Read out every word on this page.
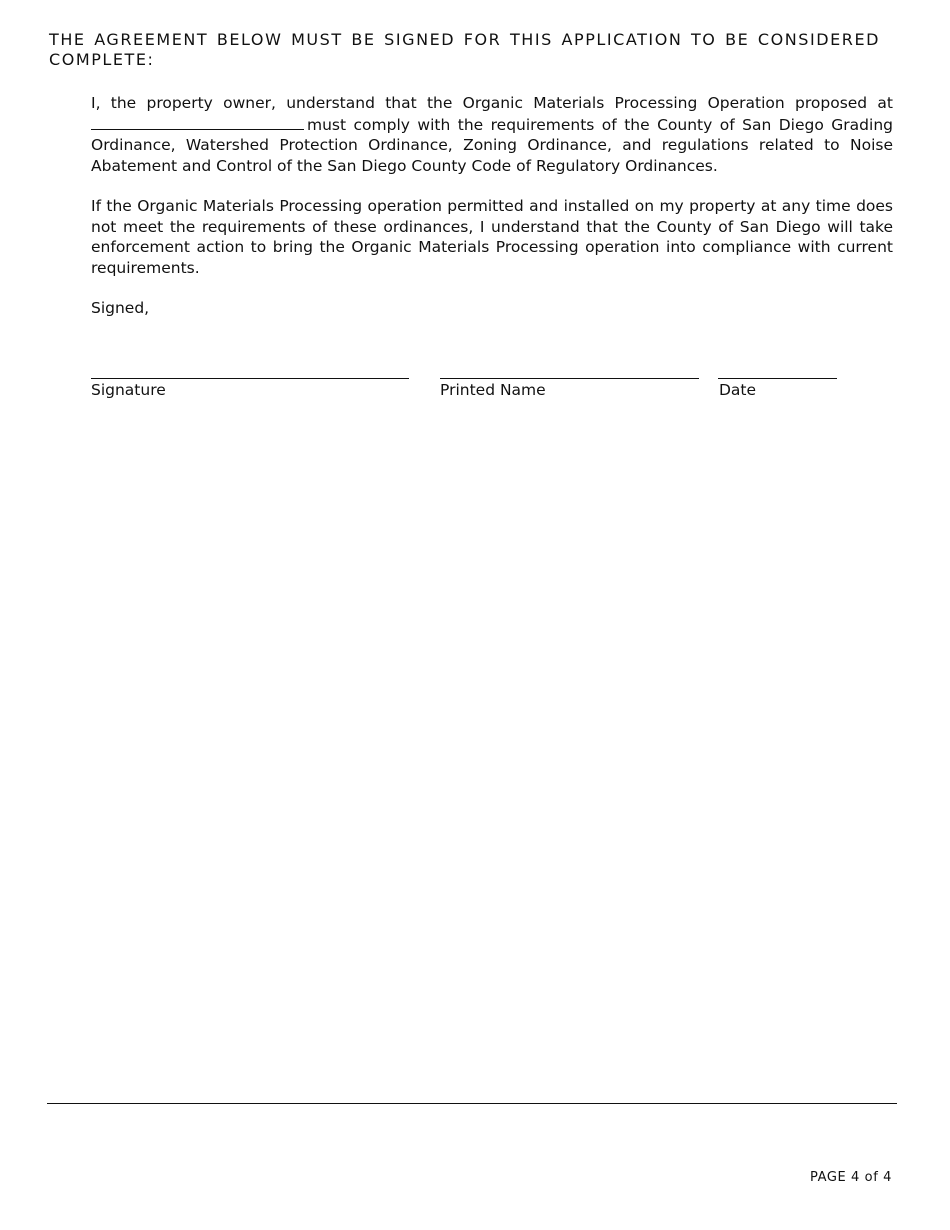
THE AGREEMENT BELOW MUST BE SIGNED FOR THIS APPLICATION TO BE CONSIDERED COMPLETE:
I, the property owner, understand that the Organic Materials Processing Operation proposed at must comply with the requirements of the County of San Diego Grading Ordinance, Watershed Protection Ordinance, Zoning Ordinance, and regulations related to Noise Abatement and Control of the San Diego County Code of Regulatory Ordinances.
If the Organic Materials Processing operation permitted and installed on my property at any time does not meet the requirements of these ordinances, I understand that the County of San Diego will take enforcement action to bring the Organic Materials Processing operation into compliance with current requirements.
Signed,
Signature	Printed Name	Date
PAGE 4 of 4
